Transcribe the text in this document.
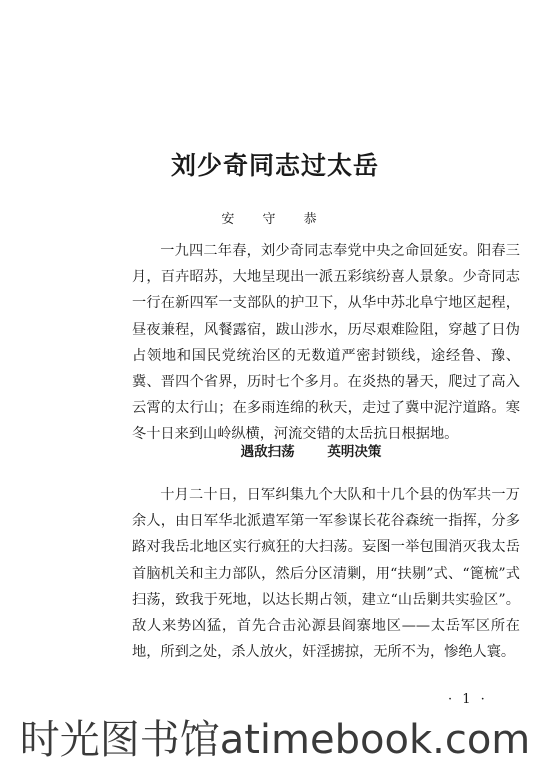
刘少奇同志过太岳
安 守 恭

一九四二年春，刘少奇同志奉党中央之命回延安。阳春三月，百卉昭苏，大地呈现出一派五彩缤纷喜人景象。少奇同志一行在新四军一支部队的护卫下，从华中苏北阜宁地区起程，昼夜兼程，风餐露宿，跋山涉水，历尽艰难险阻，穿越了日伪占领地和国民党统治区的无数道严密封锁线，途经鲁、豫、冀、晋四个省界，历时七个多月。在炎热的暑天，爬过了高入云霄的太行山；在多雨连绵的秋天，走过了冀中泥泞道路。寒冬十日来到山岭纵横，河流交错的太岳抗日根据地。

遇敌扫荡 英明决策

十月二十日，日军纠集九个大队和十几个县的伪军共一万余人，由日军华北派遣军第一军参谋长花谷森统一指挥，分多路对我岳北地区实行疯狂的大扫荡。妄图一举包围消灭我太岳首脑机关和主力部队，然后分区清剿，用“扶剔”式、“篦梳”式扫荡，致我于死地，以达长期占领，建立“山岳剿共实验区”。敌人来势凶猛，首先合击沁源县阎寨地区——太岳军区所在地，所到之处，杀人放火，奸淫掳掠，无所不为，惨绝人寰。

· 1 ·
时光图书馆atimebook.com
